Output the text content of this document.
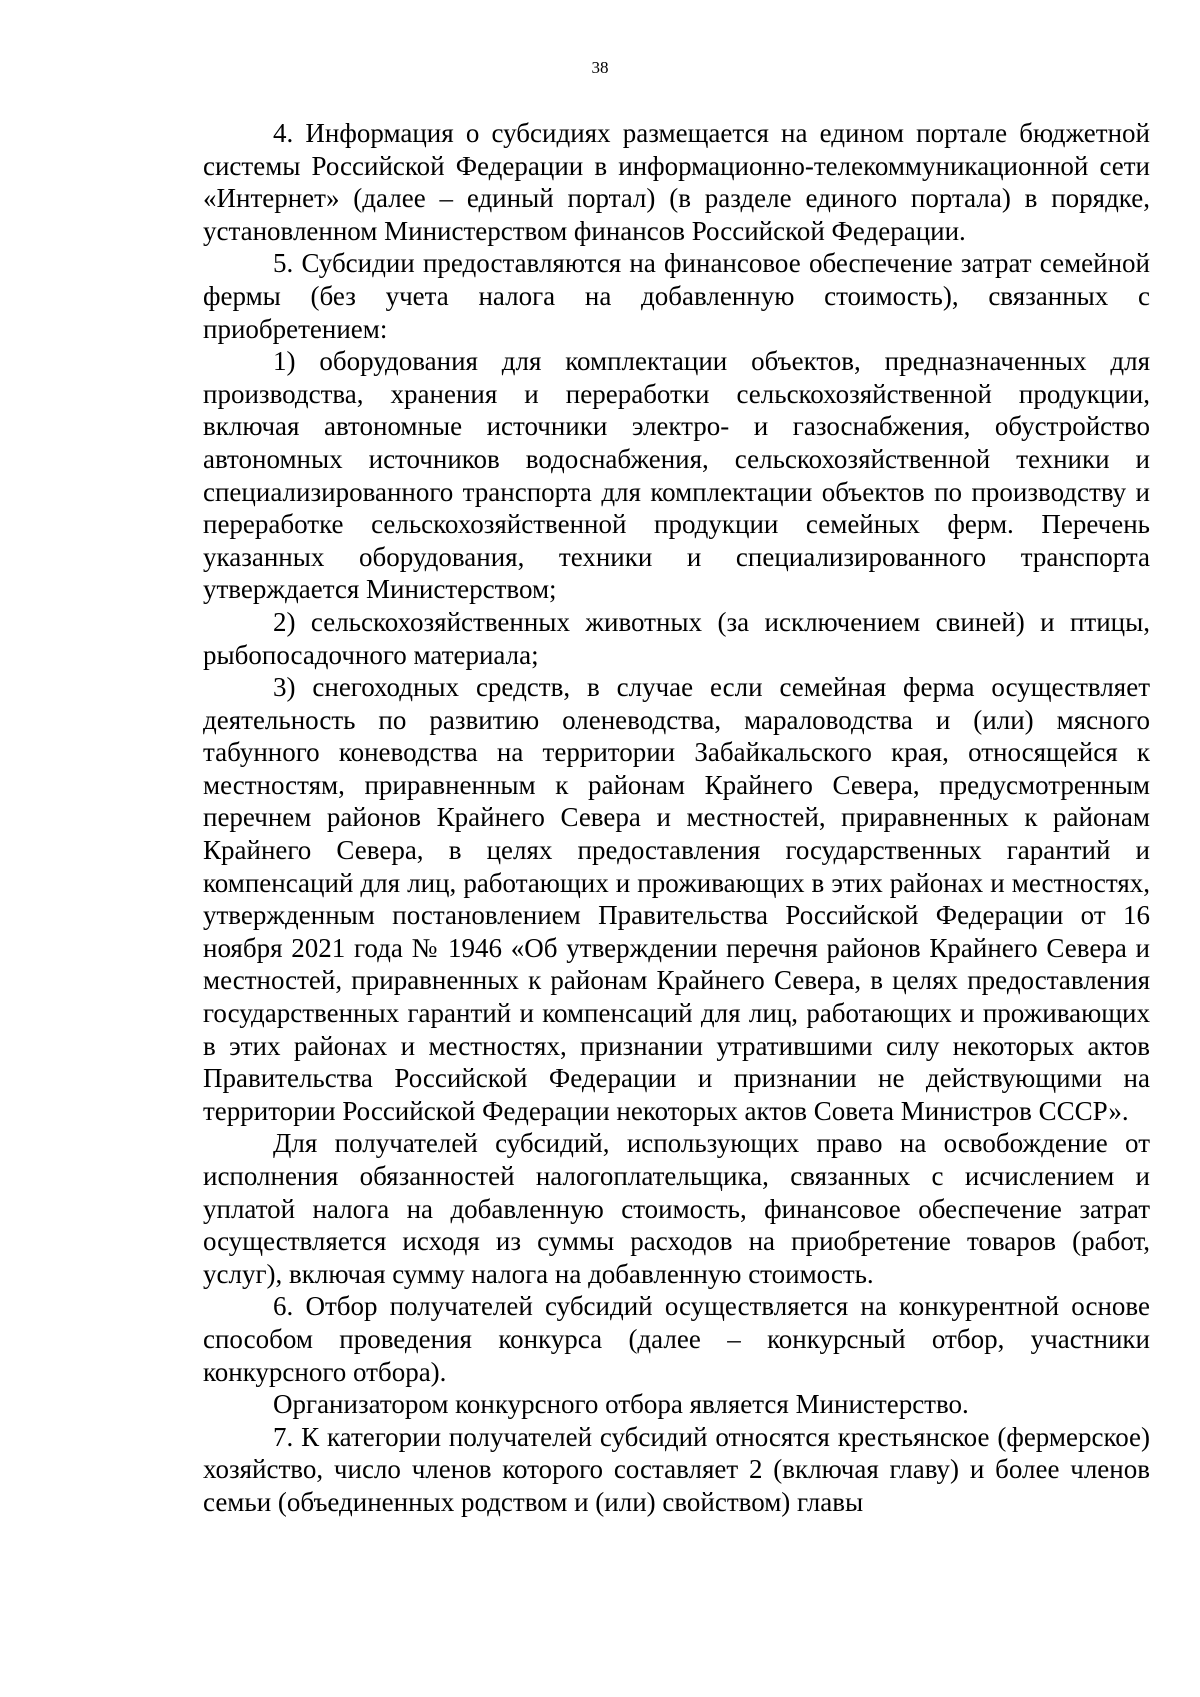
38

4. Информация о субсидиях размещается на едином портале бюджетной системы Российской Федерации в информационно-телекоммуникационной сети «Интернет» (далее – единый портал) (в разделе единого портала) в порядке, установленном Министерством финансов Российской Федерации.

5. Субсидии предоставляются на финансовое обеспечение затрат семейной фермы (без учета налога на добавленную стоимость), связанных с приобретением:

1) оборудования для комплектации объектов, предназначенных для производства, хранения и переработки сельскохозяйственной продукции, включая автономные источники электро- и газоснабжения, обустройство автономных источников водоснабжения, сельскохозяйственной техники и специализированного транспорта для комплектации объектов по производству и переработке сельскохозяйственной продукции семейных ферм. Перечень указанных оборудования, техники и специализированного транспорта утверждается Министерством;

2) сельскохозяйственных животных (за исключением свиней) и птицы, рыбопосадочного материала;

3) снегоходных средств, в случае если семейная ферма осуществляет деятельность по развитию оленеводства, мараловодства и (или) мясного табунного коневодства на территории Забайкальского края, относящейся к местностям, приравненным к районам Крайнего Севера, предусмотренным перечнем районов Крайнего Севера и местностей, приравненных к районам Крайнего Севера, в целях предоставления государственных гарантий и компенсаций для лиц, работающих и проживающих в этих районах и местностях, утвержденным постановлением Правительства Российской Федерации от 16 ноября 2021 года № 1946 «Об утверждении перечня районов Крайнего Севера и местностей, приравненных к районам Крайнего Севера, в целях предоставления государственных гарантий и компенсаций для лиц, работающих и проживающих в этих районах и местностях, признании утратившими силу некоторых актов Правительства Российской Федерации и признании не действующими на территории Российской Федерации некоторых актов Совета Министров СССР».

Для получателей субсидий, использующих право на освобождение от исполнения обязанностей налогоплательщика, связанных с исчислением и уплатой налога на добавленную стоимость, финансовое обеспечение затрат осуществляется исходя из суммы расходов на приобретение товаров (работ, услуг), включая сумму налога на добавленную стоимость.

6. Отбор получателей субсидий осуществляется на конкурентной основе способом проведения конкурса (далее – конкурсный отбор, участники конкурсного отбора).

Организатором конкурсного отбора является Министерство.

7. К категории получателей субсидий относятся крестьянское (фермерское) хозяйство, число членов которого составляет 2 (включая главу) и более членов семьи (объединенных родством и (или) свойством) главы
